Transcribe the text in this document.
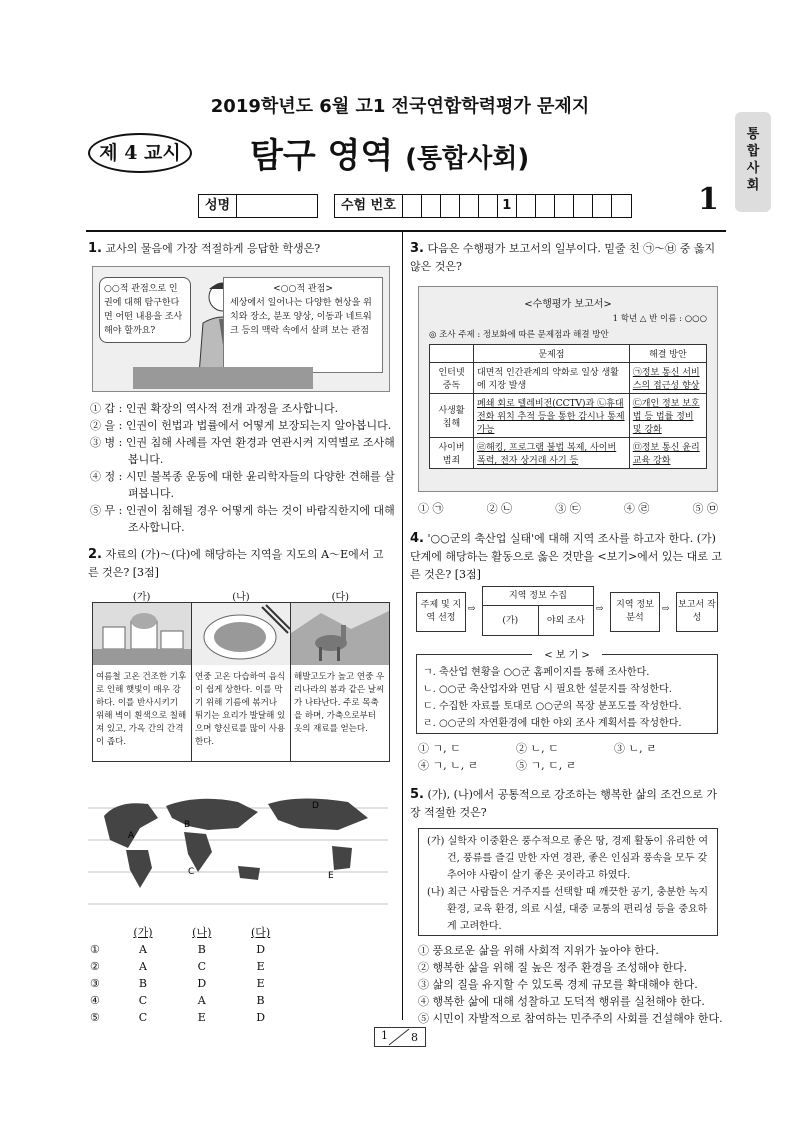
2019학년도 6월 고1 전국연합학력평가 문제지
제 4 교시	탐구 영역 (통합사회)
통합사회
성명	수험 번호	1	1
1. 교사의 물음에 가장 적절하게 응답한 학생은?
○○적 관점으로 인권에 대해 탐구한다면 어떤 내용을 조사해야 할까요?
<○○적 관점>
세상에서 일어나는 다양한 현상을 위치와 장소, 분포 양상, 이동과 네트워크 등의 맥락 속에서 살펴 보는 관점
① 갑 : 인권 확장의 역사적 전개 과정을 조사합니다.
② 을 : 인권이 헌법과 법률에서 어떻게 보장되는지 알아봅니다.
③ 병 : 인권 침해 사례를 자연 환경과 연관시켜 지역별로 조사해 봅니다.
④ 정 : 시민 불복종 운동에 대한 윤리학자들의 다양한 견해를 살펴봅니다.
⑤ 무 : 인권이 침해될 경우 어떻게 하는 것이 바람직한지에 대해 조사합니다.
2. 자료의 (가)～(다)에 해당하는 지역을 지도의 A～E에서 고른 것은? [3점]
(가)	(나)	(다)
여름철 고온 건조한 기후로 인해 햇빛이 매우 강하다. 이를 반사시키기 위해 벽이 흰색으로 칠해져 있고, 가옥 간의 간격이 좁다.
연중 고온 다습하여 음식이 쉽게 상한다. 이를 막기 위해 기름에 볶거나 튀기는 요리가 발달해 있으며 향신료를 많이 사용한다.
해발고도가 높고 연중 우리나라의 봄과 같은 날씨가 나타난다. 주로 목축을 하며, 가축으로부터 옷의 재료를 얻는다.
A
B
C
D
E
(가)	(나)	(다)
①	A	B	D
②	A	C	E
③	B	D	E
④	C	A	B
⑤	C	E	D
3. 다음은 수행평가 보고서의 일부이다. 밑줄 친 ㉠～㉥ 중 옳지 않은 것은?
<수행평가 보고서>
1 학년 △ 반 이름 : ○○○
◎ 조사 주제 : 정보화에 따른 문제점과 해결 방안
	문제점	해결 방안
인터넷 중독	대면적 인간관계의 약화로 일상 생활에 지장 발생	㉠정보 통신 서비스의 접근성 향상
사생활 침해	폐쇄 회로 텔레비전(CCTV)과 ㉡휴대 전화 위치 추적 등을 통한 감시나 통제 가능	㉢개인 정보 보호법 등 법률 정비 및 강화
사이버 범죄	㉣해킹, 프로그램 불법 복제, 사이버 폭력, 전자 상거래 사기 등	㉤정보 통신 윤리 교육 강화
① ㉠	② ㉡	③ ㉢	④ ㉣	⑤ ㉤
4. '○○군의 축산업 실태'에 대해 지역 조사를 하고자 한다. (가) 단계에 해당하는 활동으로 옳은 것만을 <보기>에서 있는 대로 고른 것은? [3점]
주제 및 지역 선정
⇨
지역 정보 수집
(가)	야외 조사
⇨	지역 정보 분석
⇨ 보고서 작성
< 보 기 >
ㄱ. 축산업 현황을 ○○군 홈페이지를 통해 조사한다.
ㄴ. ○○군 축산업자와 면담 시 필요한 설문지를 작성한다.
ㄷ. 수집한 자료를 토대로 ○○군의 목장 분포도를 작성한다.
ㄹ. ○○군의 자연환경에 대한 야외 조사 계획서를 작성한다.
① ㄱ, ㄷ	② ㄴ, ㄷ	③ ㄴ, ㄹ
④ ㄱ, ㄴ, ㄹ	⑤ ㄱ, ㄷ, ㄹ
5. (가), (나)에서 공통적으로 강조하는 행복한 삶의 조건으로 가장 적절한 것은?
(가) 실학자 이중환은 풍수적으로 좋은 땅, 경제 활동이 유리한 여건, 풍류를 즐길 만한 자연 경관, 좋은 인심과 풍속을 모두 갖추어야 사람이 살기 좋은 곳이라고 하였다.
(나) 최근 사람들은 거주지를 선택할 때 깨끗한 공기, 충분한 녹지 환경, 교육 환경, 의료 시설, 대중 교통의 편리성 등을 중요하게 고려한다.
① 풍요로운 삶을 위해 사회적 지위가 높아야 한다.
② 행복한 삶을 위해 질 높은 정주 환경을 조성해야 한다.
③ 삶의 질을 유지할 수 있도록 경제 규모를 확대해야 한다.
④ 행복한 삶에 대해 성찰하고 도덕적 행위를 실천해야 한다.
⑤ 시민이 자발적으로 참여하는 민주주의 사회를 건설해야 한다.
1 8
